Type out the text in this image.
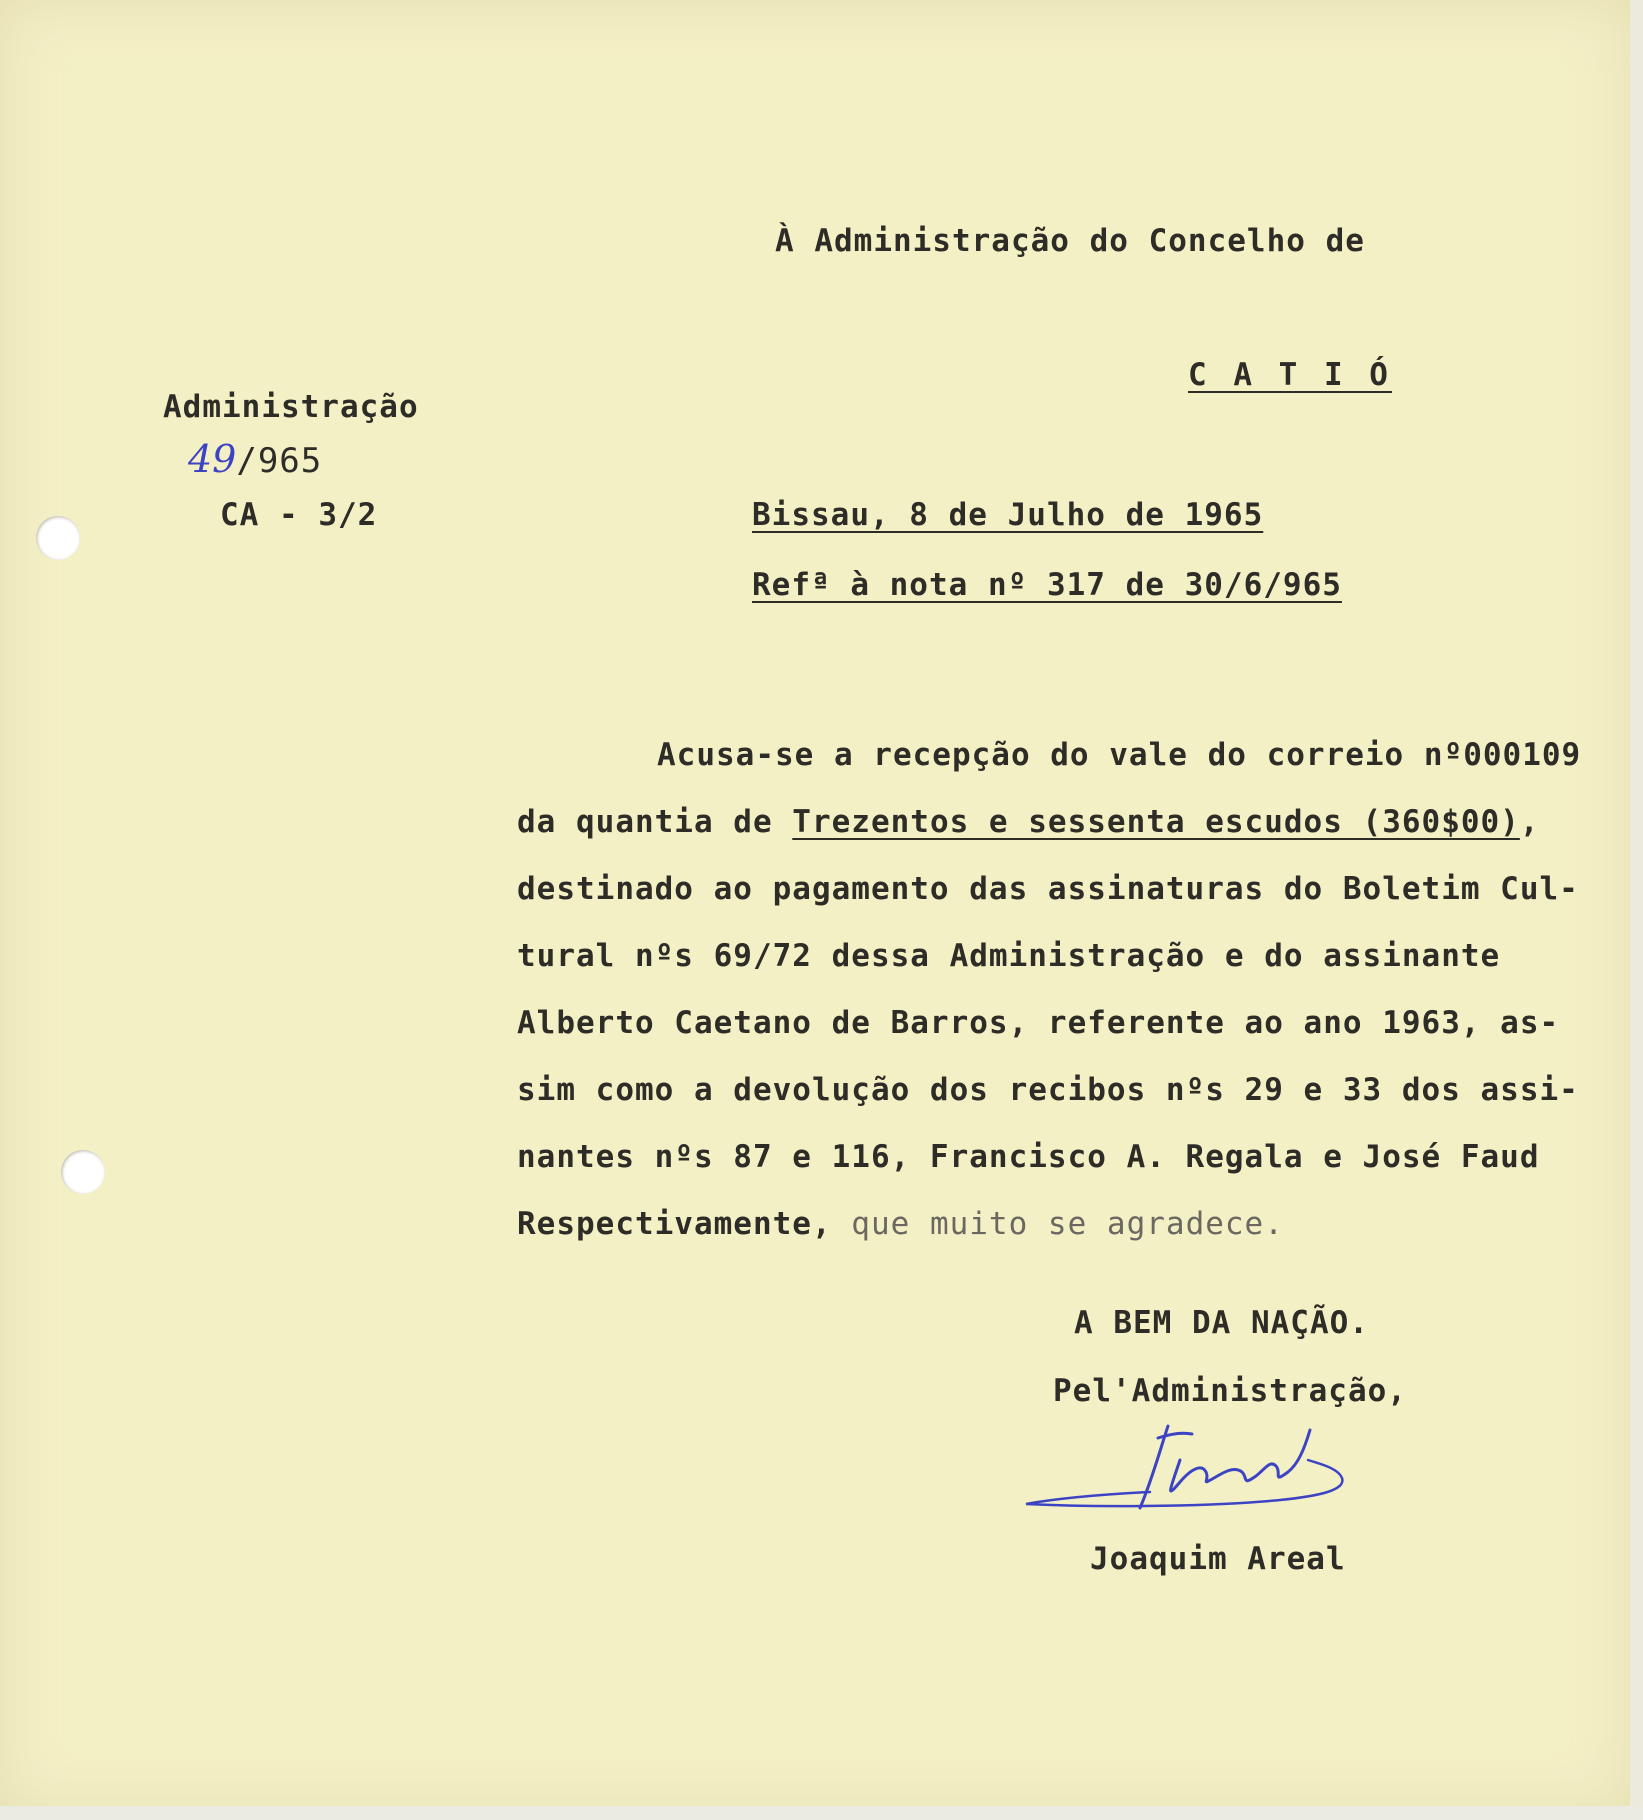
À Administração do Concelho de
C A T I Ó
Administração
49/965
CA - 3/2	Bissau, 8 de Julho de 1965
Refª à nota nº 317 de 30/6/965
Acusa-se a recepção do vale do correio nº000109
da quantia de Trezentos e sessenta escudos (360$00),
destinado ao pagamento das assinaturas do Boletim Cul-
tural nºs 69/72 dessa Administração e do assinante
Alberto Caetano de Barros, referente ao ano 1963, as-
sim como a devolução dos recibos nºs 29 e 33 dos assi-
nantes nºs 87 e 116, Francisco A. Regala e José Faud
Respectivamente, que muito se agradece.
A BEM DA NAÇÃO.
Pel'Administração,
Joaquim Areal
